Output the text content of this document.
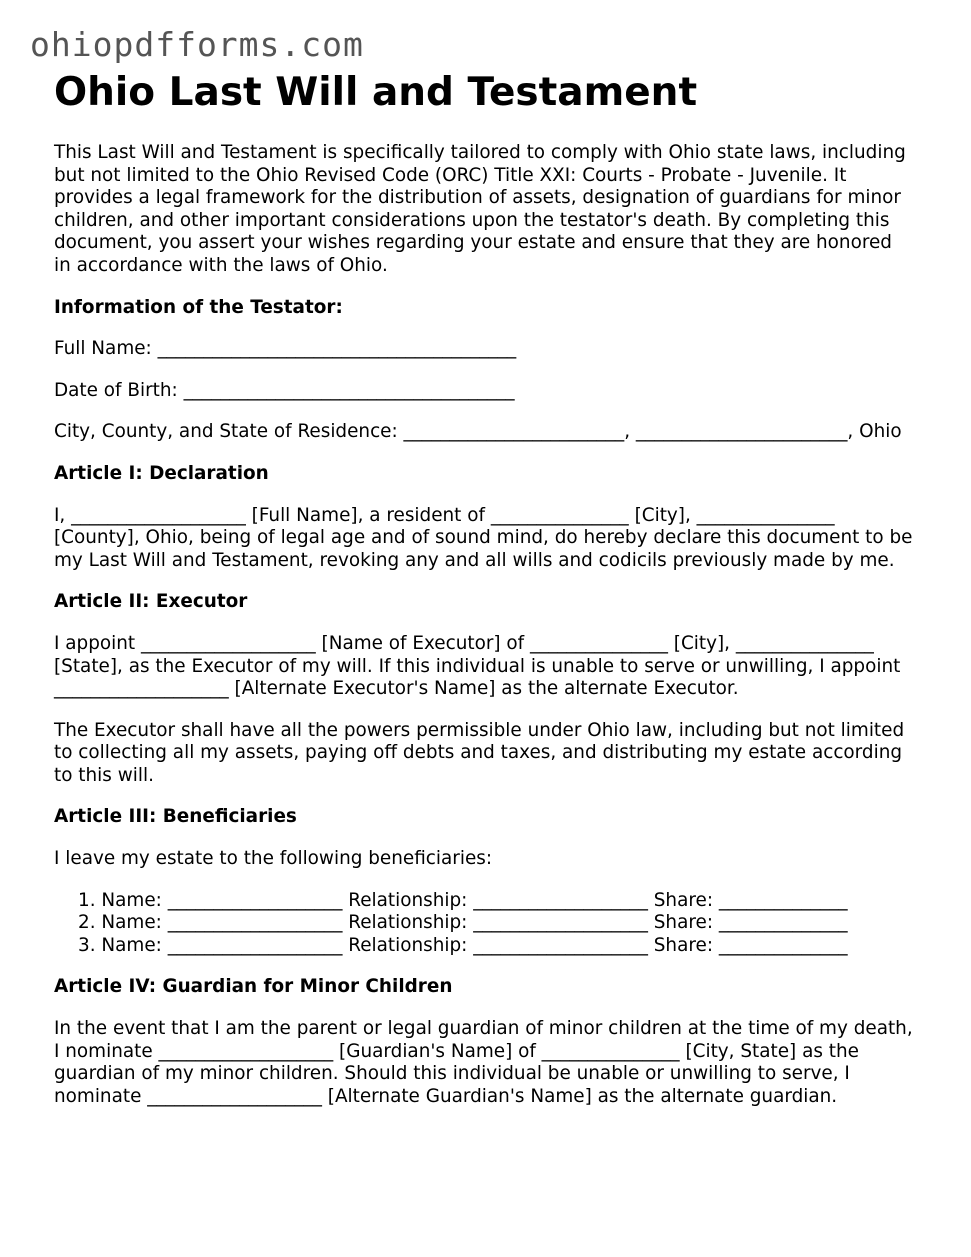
ohiopdfforms.com
Ohio Last Will and Testament

This Last Will and Testament is specifically tailored to comply with Ohio state laws, including but not limited to the Ohio Revised Code (ORC) Title XXI: Courts - Probate - Juvenile. It provides a legal framework for the distribution of assets, designation of guardians for minor children, and other important considerations upon the testator's death. By completing this document, you assert your wishes regarding your estate and ensure that they are honored in accordance with the laws of Ohio.

Information of the Testator:

Full Name: _______________________________________

Date of Birth: ____________________________________

City, County, and State of Residence: ________________________, _______________________, Ohio

Article I: Declaration

I, ___________________ [Full Name], a resident of _______________ [City], _______________ [County], Ohio, being of legal age and of sound mind, do hereby declare this document to be my Last Will and Testament, revoking any and all wills and codicils previously made by me.

Article II: Executor

I appoint ___________________ [Name of Executor] of _______________ [City], _______________ [State], as the Executor of my will. If this individual is unable to serve or unwilling, I appoint ___________________ [Alternate Executor's Name] as the alternate Executor.

The Executor shall have all the powers permissible under Ohio law, including but not limited to collecting all my assets, paying off debts and taxes, and distributing my estate according to this will.

Article III: Beneficiaries

I leave my estate to the following beneficiaries:

1. Name: ___________________ Relationship: ___________________ Share: ______________
2. Name: ___________________ Relationship: ___________________ Share: ______________
3. Name: ___________________ Relationship: ___________________ Share: ______________

Article IV: Guardian for Minor Children

In the event that I am the parent or legal guardian of minor children at the time of my death, I nominate ___________________ [Guardian's Name] of _______________ [City, State] as the guardian of my minor children. Should this individual be unable or unwilling to serve, I nominate ___________________ [Alternate Guardian's Name] as the alternate guardian.
